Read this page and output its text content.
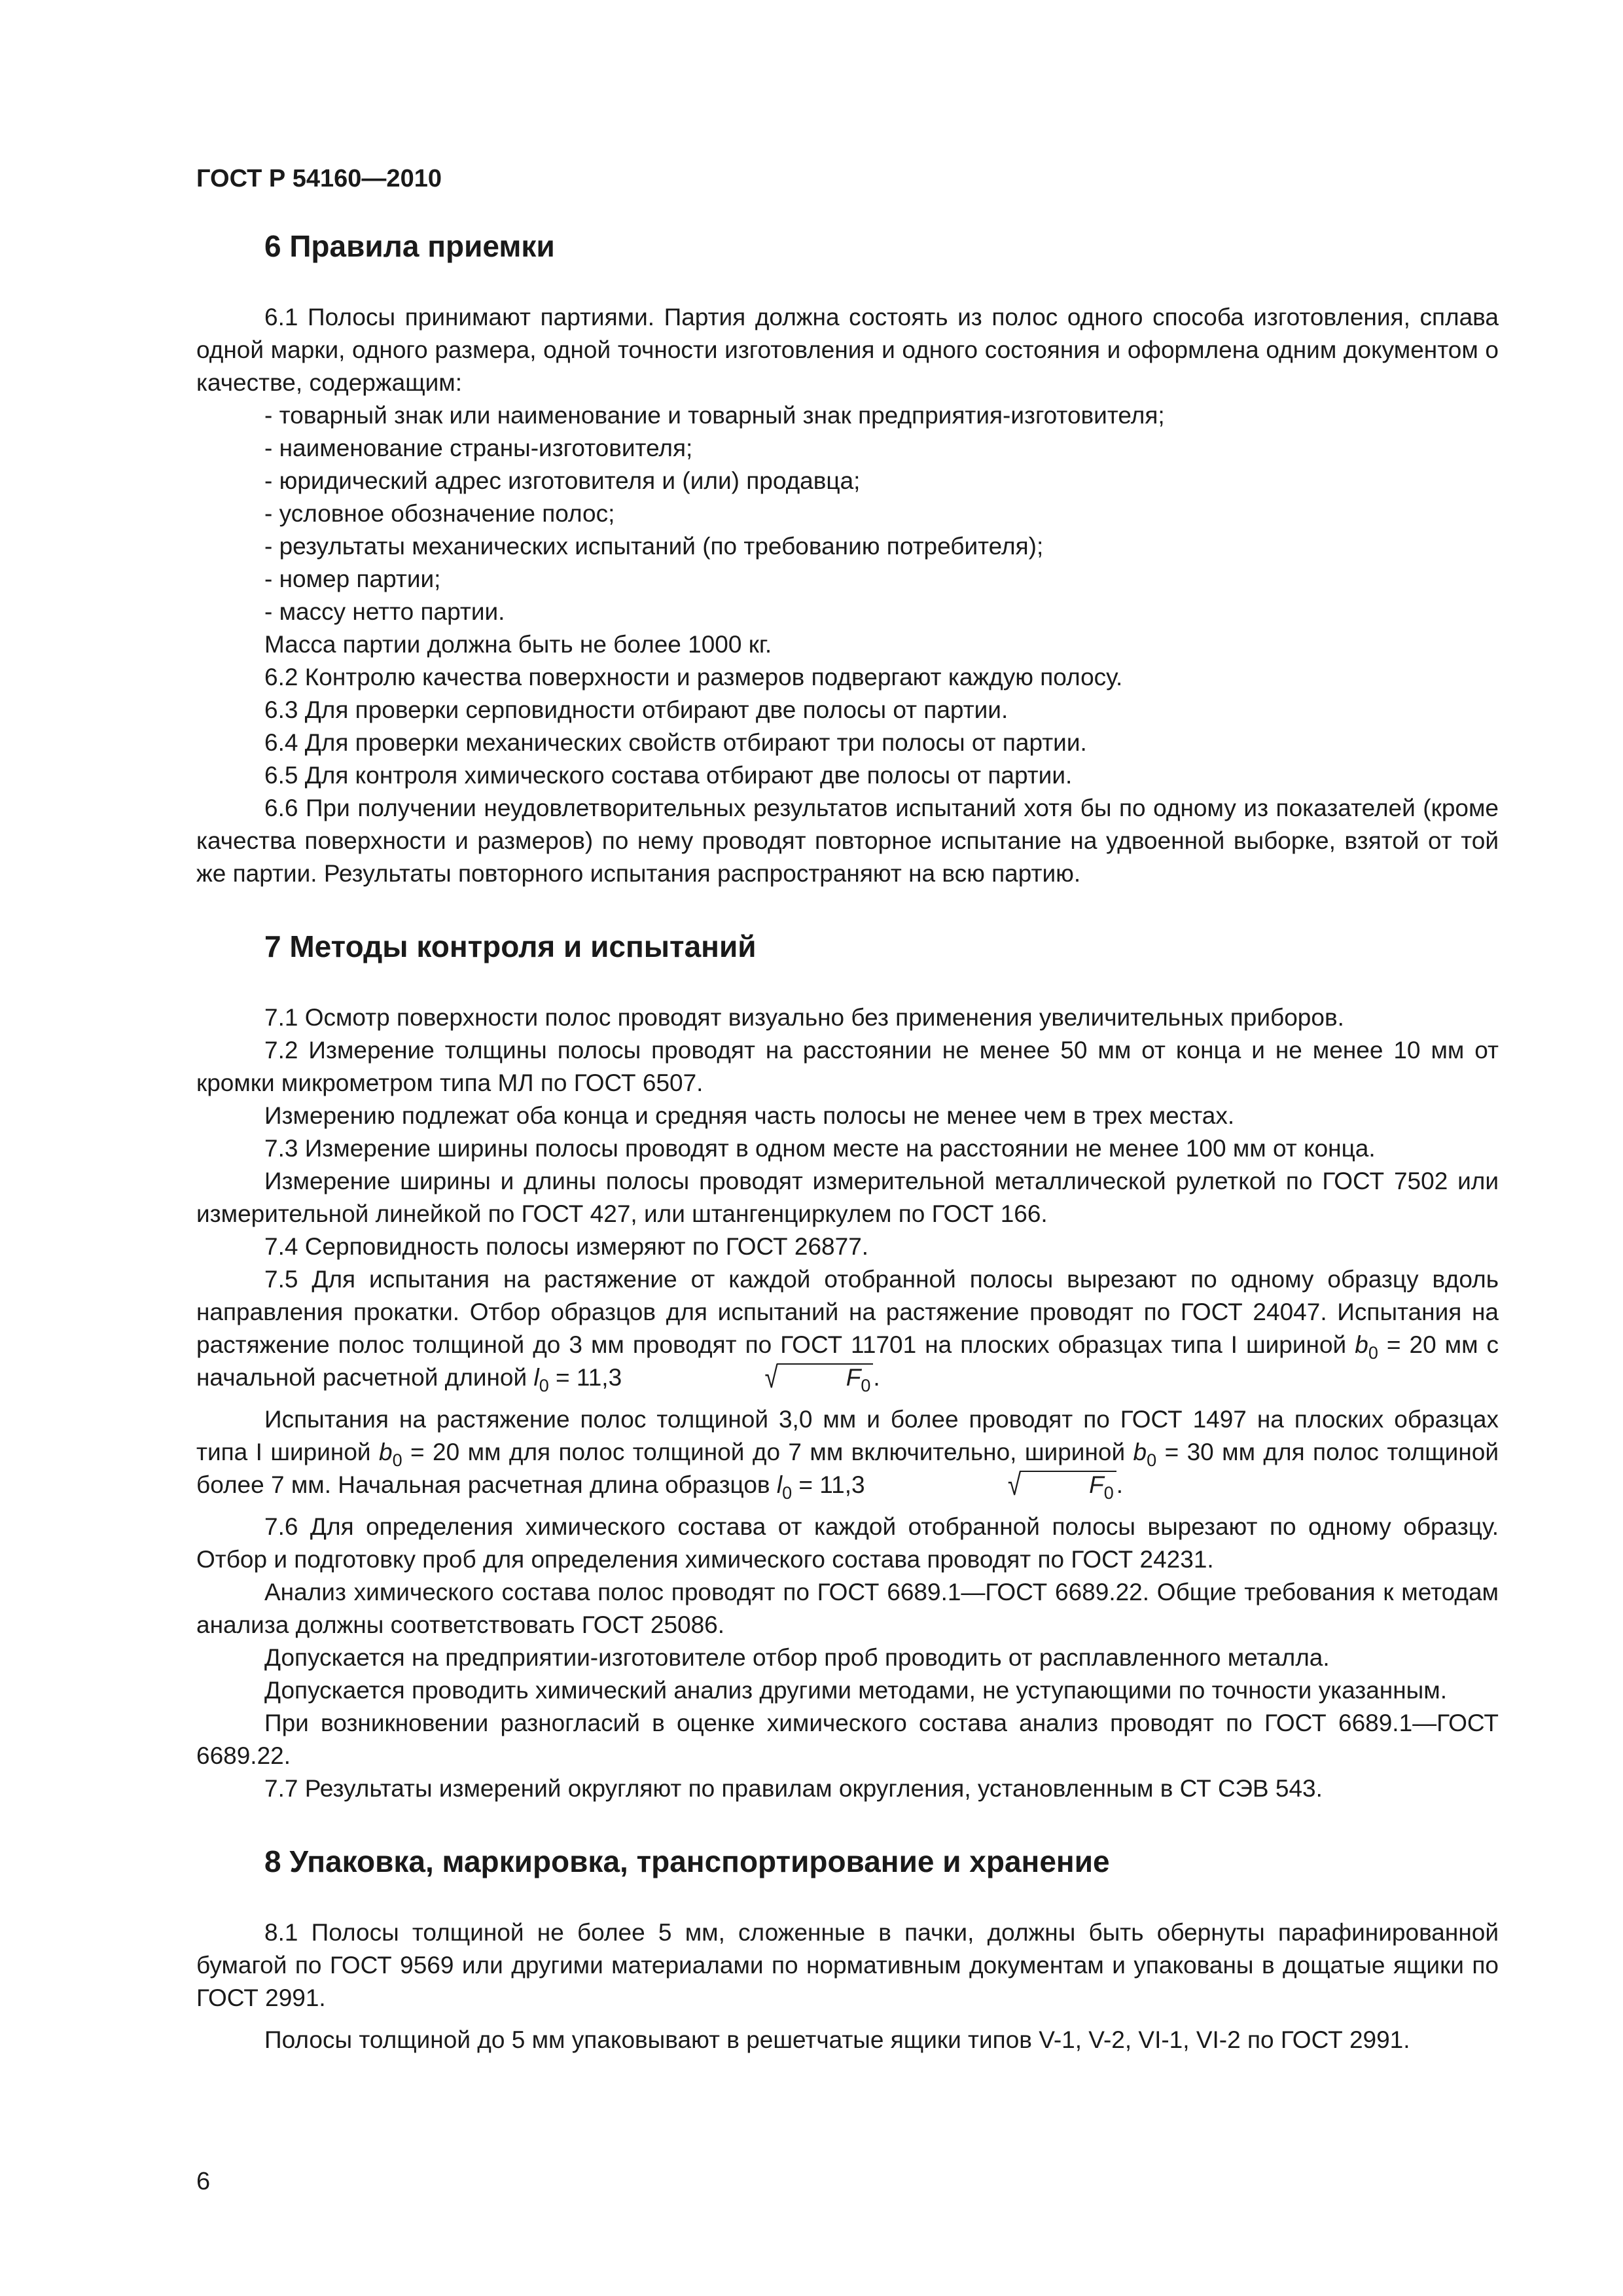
ГОСТ Р 54160—2010
6 Правила приемки

6.1 Полосы принимают партиями. Партия должна состоять из полос одного способа изготовления, сплава одной марки, одного размера, одной точности изготовления и одного состояния и оформлена одним документом о качестве, содержащим:

- товарный знак или наименование и товарный знак предприятия-изготовителя;
- наименование страны-изготовителя;
- юридический адрес изготовителя и (или) продавца;
- условное обозначение полос;
- результаты механических испытаний (по требованию потребителя);
- номер партии;
- массу нетто партии.

Масса партии должна быть не более 1000 кг.

6.2 Контролю качества поверхности и размеров подвергают каждую полосу.

6.3 Для проверки серповидности отбирают две полосы от партии.

6.4 Для проверки механических свойств отбирают три полосы от партии.

6.5 Для контроля химического состава отбирают две полосы от партии.

6.6 При получении неудовлетворительных результатов испытаний хотя бы по одному из показателей (кроме качества поверхности и размеров) по нему проводят повторное испытание на удвоенной выборке, взятой от той же партии. Результаты повторного испытания распространяют на всю партию.

7 Методы контроля и испытаний

7.1 Осмотр поверхности полос проводят визуально без применения увеличительных приборов.

7.2 Измерение толщины полосы проводят на расстоянии не менее 50 мм от конца и не менее 10 мм от кромки микрометром типа МЛ по ГОСТ 6507.

Измерению подлежат оба конца и средняя часть полосы не менее чем в трех местах.

7.3 Измерение ширины полосы проводят в одном месте на расстоянии не менее 100 мм от конца.

Измерение ширины и длины полосы проводят измерительной металлической рулеткой по ГОСТ 7502 или измерительной линейкой по ГОСТ 427, или штангенциркулем по ГОСТ 166.

7.4 Серповидность полосы измеряют по ГОСТ 26877.

7.5 Для испытания на растяжение от каждой отобранной полосы вырезают по одному образцу вдоль направления прокатки. Отбор образцов для испытаний на растяжение проводят по ГОСТ 24047. Испытания на растяжение полос толщиной до 3 мм проводят по ГОСТ 11701 на плоских образцах типа I шириной $b_0 = 20$ мм с начальной расчетной длиной $l_0 = 11,3$	√	$F_0$ .

Испытания на растяжение полос толщиной 3,0 мм и более проводят по ГОСТ 1497 на плоских образцах типа I шириной $b_0 = 20$ мм для полос толщиной до 7 мм включительно, шириной $b_0 = 30$ мм для полос толщиной более 7 мм. Начальная расчетная длина образцов $l_0 = 11,3$	√	$F_0$ .

7.6 Для определения химического состава от каждой отобранной полосы вырезают по одному образцу. Отбор и подготовку проб для определения химического состава проводят по ГОСТ 24231.

Анализ химического состава полос проводят по ГОСТ 6689.1—ГОСТ 6689.22. Общие требования к методам анализа должны соответствовать ГОСТ 25086.

Допускается на предприятии-изготовителе отбор проб проводить от расплавленного металла.

Допускается проводить химический анализ другими методами, не уступающими по точности указанным.

При возникновении разногласий в оценке химического состава анализ проводят по ГОСТ 6689.1—ГОСТ 6689.22.

7.7 Результаты измерений округляют по правилам округления, установленным в СТ СЭВ 543.

8 Упаковка, маркировка, транспортирование и хранение

8.1 Полосы толщиной не более 5 мм, сложенные в пачки, должны быть обернуты парафинированной бумагой по ГОСТ 9569 или другими материалами по нормативным документам и упакованы в дощатые ящики по ГОСТ 2991.

Полосы толщиной до 5 мм упаковывают в решетчатые ящики типов V-1, V-2, VI-1, VI-2 по ГОСТ 2991.

6
